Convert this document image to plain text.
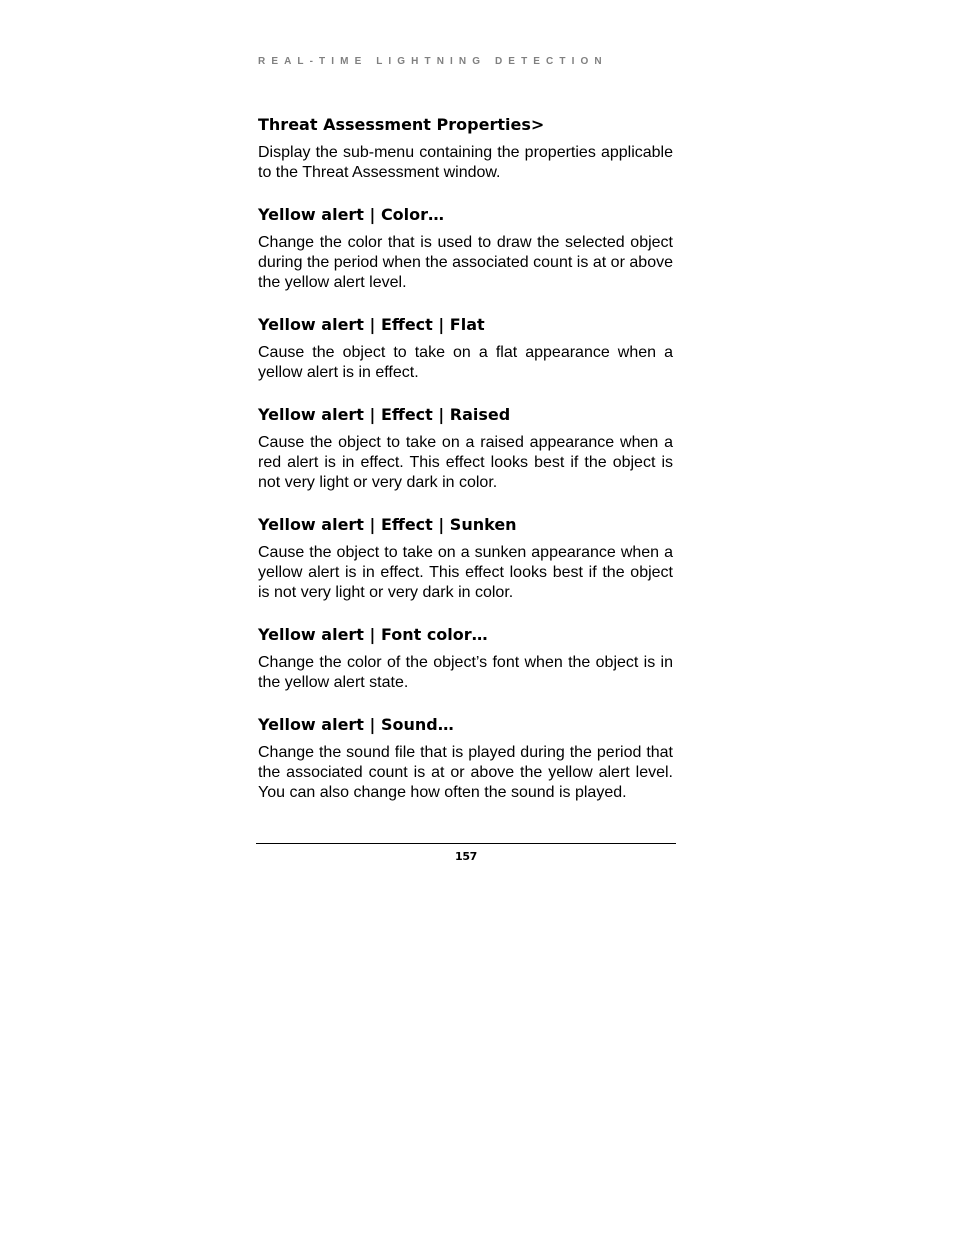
REAL-TIME LIGHTNING DETECTION
Threat Assessment Properties>

Display the sub-menu containing the properties applicable to the Threat Assessment window.

Yellow alert | Color…

Change the color that is used to draw the selected object during the period when the associated count is at or above the yellow alert level.

Yellow alert | Effect | Flat

Cause the object to take on a flat appearance when a yellow alert is in effect.

Yellow alert | Effect | Raised

Cause the object to take on a raised appearance when a red alert is in effect. This effect looks best if the object is not very light or very dark in color.

Yellow alert | Effect | Sunken

Cause the object to take on a sunken appearance when a yellow alert is in effect. This effect looks best if the object is not very light or very dark in color.

Yellow alert | Font color…

Change the color of the object’s font when the object is in the yellow alert state.

Yellow alert | Sound…

Change the sound file that is played during the period that the associated count is at or above the yellow alert level. You can also change how often the sound is played.

157
